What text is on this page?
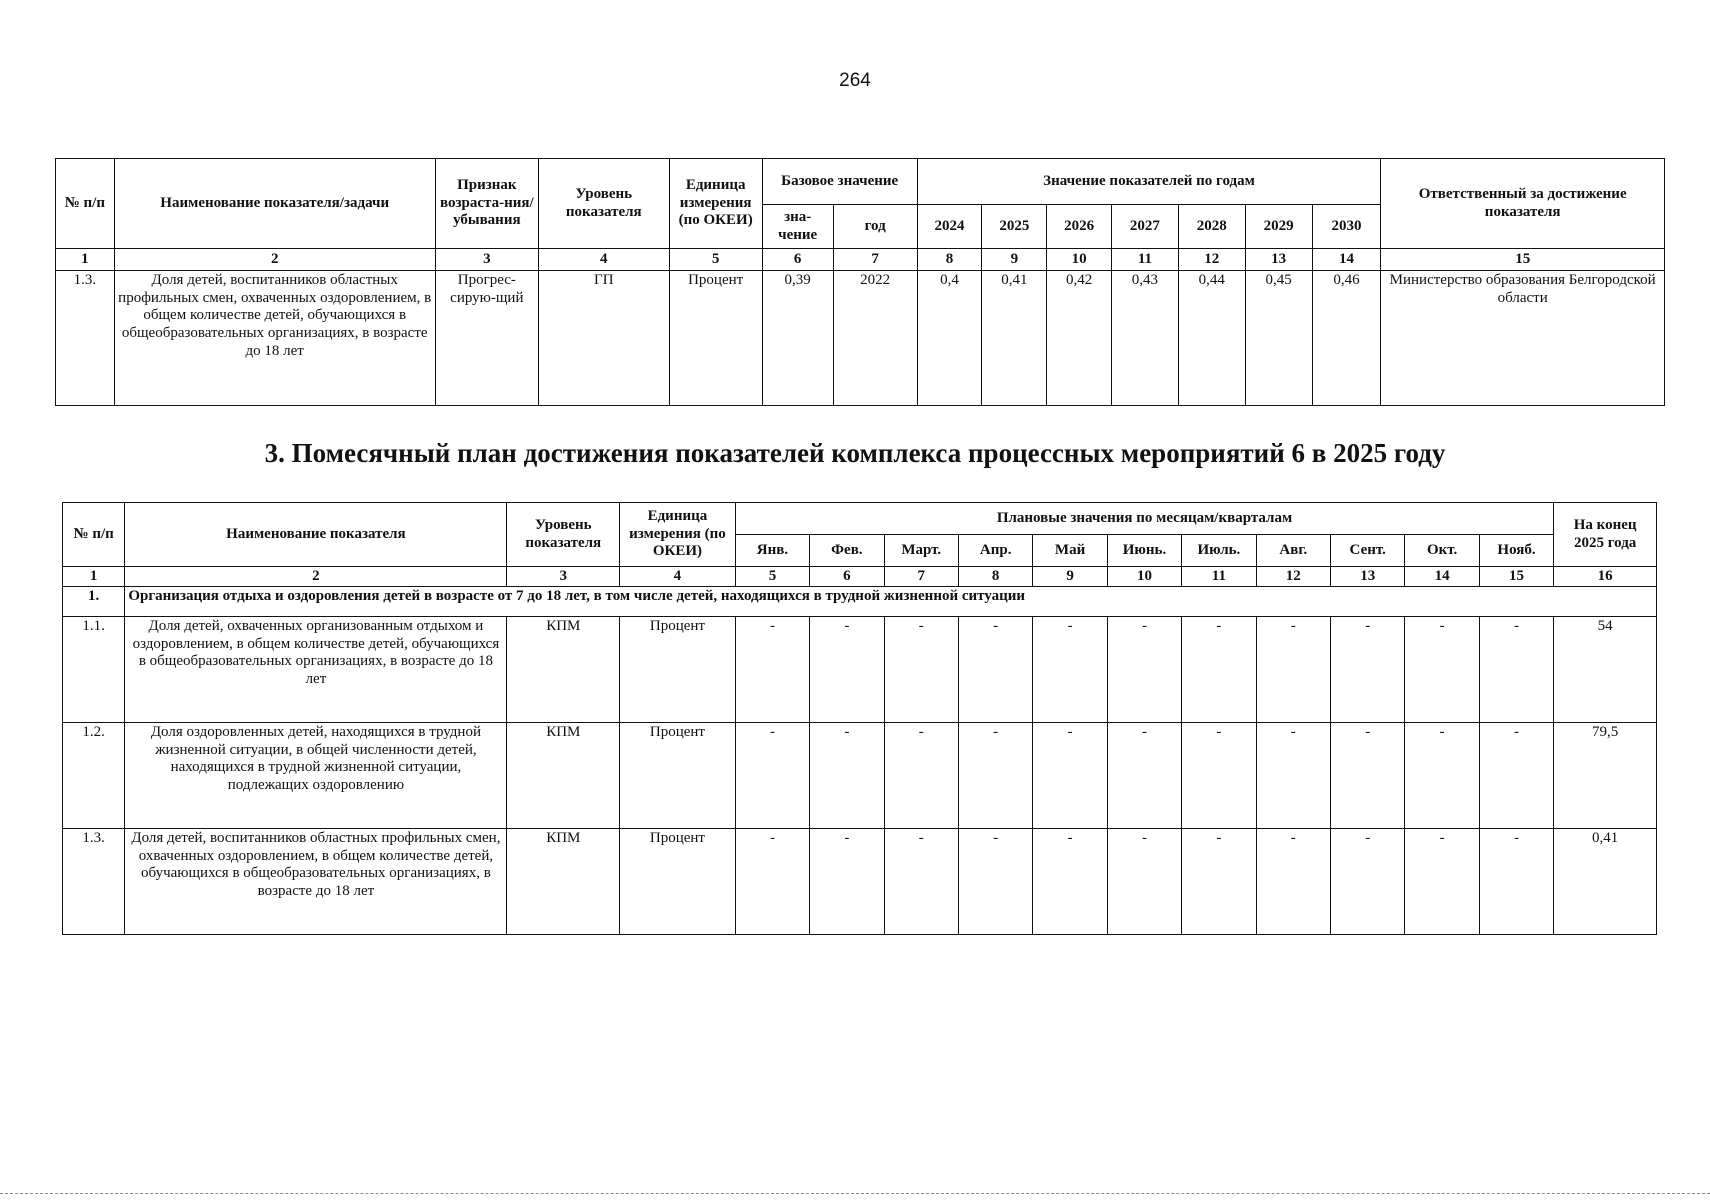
264
№ п/п	Наименование показателя/задачи	Признак возраста-ния/ убывания	Уровень показателя	Единица измерения (по ОКЕИ)	Базовое значение		Значение показателей по годам							Ответственный за достижение показателя
					зна-чение	год	2024	2025	2026	2027	2028	2029	2030	
1	2	3	4	5	6	7	8	9	10	11	12	13	14	15
1.3.	Доля детей, воспитанников областных профильных смен, охваченных оздоровлением, в общем количестве детей, обучающихся в общеобразовательных организациях, в возрасте до 18 лет	Прогрес-сирую-щий	ГП	Процент	0,39	2022	0,4	0,41	0,42	0,43	0,44	0,45	0,46	Министерство образования Белгородской области
3. Помесячный план достижения показателей комплекса процессных мероприятий 6 в 2025 году
№ п/п	Наименование показателя	Уровень показателя	Единица измерения (по ОКЕИ)	Плановые значения по месяцам/кварталам											На конец 2025 года
				Янв.	Фев.	Март.	Апр.	Май	Июнь.	Июль.	Авг.	Сент.	Окт.	Нояб.	
1	2	3	4	5	6	7	8	9	10	11	12	13	14	15	16
1.	Организация отдыха и оздоровления детей в возрасте от 7 до 18 лет, в том числе детей, находящихся в трудной жизненной ситуации														
1.1.	Доля детей, охваченных организованным отдыхом и оздоровлением, в общем количестве детей, обучающихся в общеобразовательных организациях, в возрасте до 18 лет	КПМ	Процент	-	-	-	-	-	-	-	-	-	-	-	54
1.2.	Доля оздоровленных детей, находящихся в трудной жизненной ситуации, в общей численности детей, находящихся в трудной жизненной ситуации, подлежащих оздоровлению	КПМ	Процент	-	-	-	-	-	-	-	-	-	-	-	79,5
1.3.	Доля детей, воспитанников областных профильных смен, охваченных оздоровлением, в общем количестве детей, обучающихся в общеобразовательных организациях, в возрасте до 18 лет	КПМ	Процент	-	-	-	-	-	-	-	-	-	-	-	0,41
